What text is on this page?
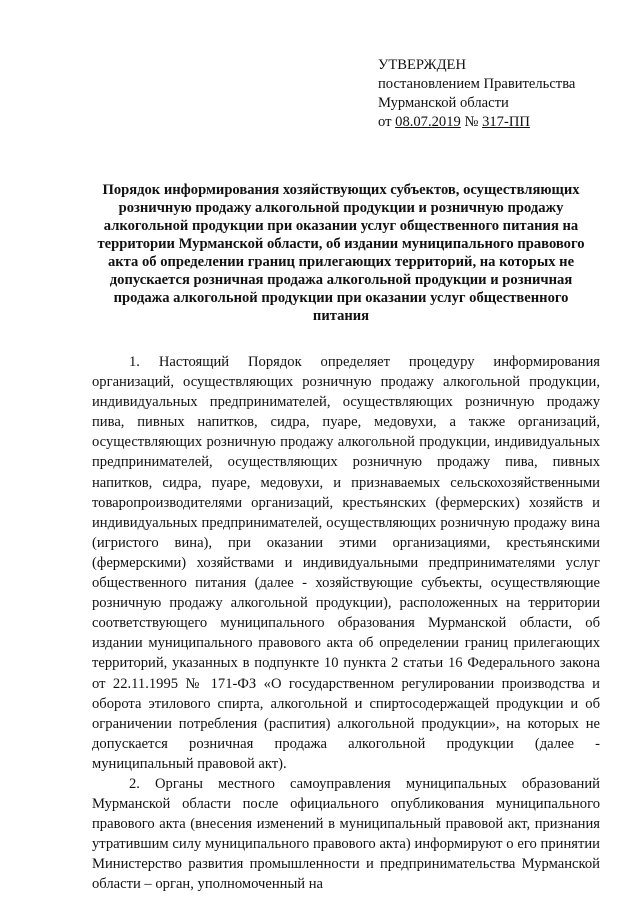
УТВЕРЖДЕН
постановлением Правительства
Мурманской области
от 08.07.2019 № 317-ПП
Порядок информирования хозяйствующих субъектов, осуществляющих розничную продажу алкогольной продукции и розничную продажу алкогольной продукции при оказании услуг общественного питания на территории Мурманской области, об издании муниципального правового акта об определении границ прилегающих территорий, на которых не допускается розничная продажа алкогольной продукции и розничная продажа алкогольной продукции при оказании услуг общественного питания

1. Настоящий Порядок определяет процедуру информирования организаций, осуществляющих розничную продажу алкогольной продукции, индивидуальных предпринимателей, осуществляющих розничную продажу пива, пивных напитков, сидра, пуаре, медовухи, а также организаций, осуществляющих розничную продажу алкогольной продукции, индивидуальных предпринимателей, осуществляющих розничную продажу пива, пивных напитков, сидра, пуаре, медовухи, и признаваемых сельскохозяйственными товаропроизводителями организаций, крестьянских (фермерских) хозяйств и индивидуальных предпринимателей, осуществляющих розничную продажу вина (игристого вина), при оказании этими организациями, крестьянскими (фермерскими) хозяйствами и индивидуальными предпринимателями услуг общественного питания (далее - хозяйствующие субъекты, осуществляющие розничную продажу алкогольной продукции), расположенных на территории соответствующего муниципального образования Мурманской области, об издании муниципального правового акта об определении границ прилегающих территорий, указанных в подпункте 10 пункта 2 статьи 16 Федерального закона от 22.11.1995 № 171-ФЗ «О государственном регулировании производства и оборота этилового спирта, алкогольной и спиртосодержащей продукции и об ограничении потребления (распития) алкогольной продукции», на которых не допускается розничная продажа алкогольной продукции (далее - муниципальный правовой акт).

2. Органы местного самоуправления муниципальных образований Мурманской области после официального опубликования муниципального правового акта (внесения изменений в муниципальный правовой акт, признания утратившим силу муниципального правового акта) информируют о его принятии Министерство развития промышленности и предпринимательства Мурманской области – орган, уполномоченный на
